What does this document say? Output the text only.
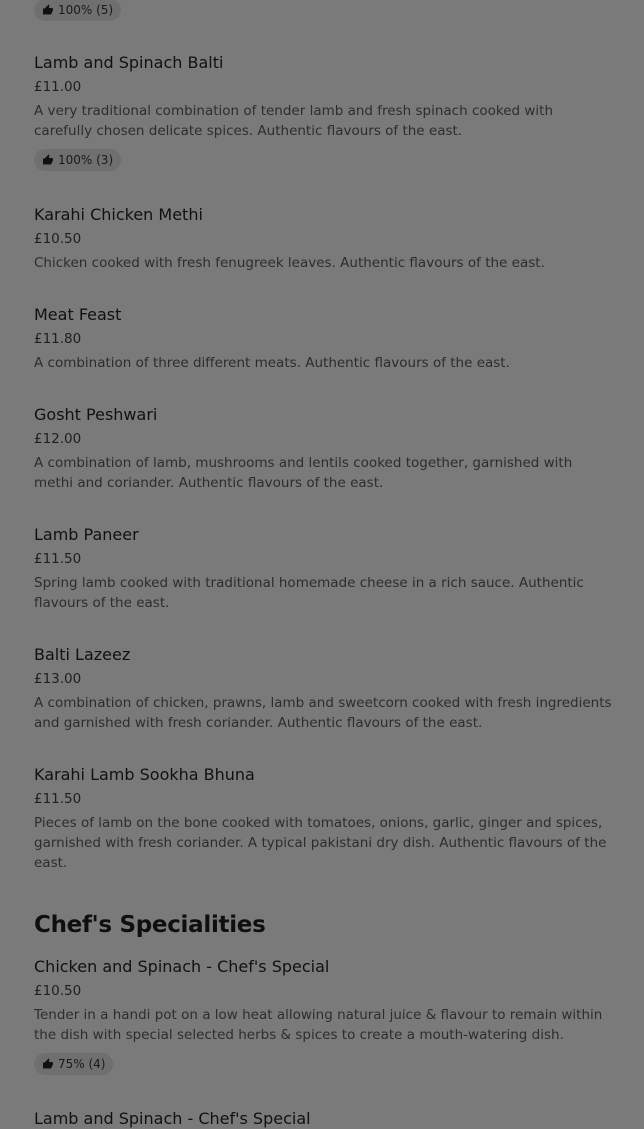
100% (5)
Lamb and Spinach Balti
£11.00
A very traditional combination of tender lamb and fresh spinach cooked with carefully chosen delicate spices. Authentic flavours of the east.
100% (3)
Karahi Chicken Methi
£10.50
Chicken cooked with fresh fenugreek leaves. Authentic flavours of the east.
Meat Feast
£11.80
A combination of three different meats. Authentic flavours of the east.
Gosht Peshwari
£12.00
A combination of lamb, mushrooms and lentils cooked together, garnished with methi and coriander. Authentic flavours of the east.
Lamb Paneer
£11.50
Spring lamb cooked with traditional homemade cheese in a rich sauce. Authentic flavours of the east.
Balti Lazeez
£13.00
A combination of chicken, prawns, lamb and sweetcorn cooked with fresh ingredients and garnished with fresh coriander. Authentic flavours of the east.
Karahi Lamb Sookha Bhuna
£11.50
Pieces of lamb on the bone cooked with tomatoes, onions, garlic, ginger and spices, garnished with fresh coriander. A typical pakistani dry dish. Authentic flavours of the east.
Chef's Specialities
Chicken and Spinach - Chef's Special
£10.50
Tender in a handi pot on a low heat allowing natural juice & flavour to remain within the dish with special selected herbs & spices to create a mouth-watering dish.
75% (4)
Lamb and Spinach - Chef's Special
